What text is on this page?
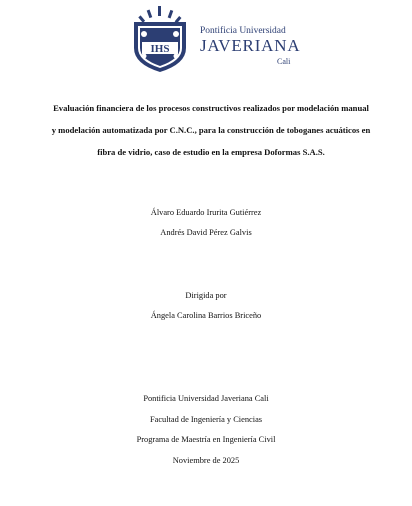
IHS
Pontificia Universidad
JAVERIANA
Cali
Evaluación financiera de los procesos constructivos realizados por modelación manual
y modelación automatizada por C.N.C., para la construcción de toboganes acuáticos en
fibra de vidrio, caso de estudio en la empresa Doformas S.A.S.
Álvaro Eduardo Irurita Gutiérrez
Andrés David Pérez Galvis
Dirigida por
Ángela Carolina Barrios Briceño
Pontificia Universidad Javeriana Cali
Facultad de Ingeniería y Ciencias
Programa de Maestría en Ingeniería Civil
Noviembre de 2025
